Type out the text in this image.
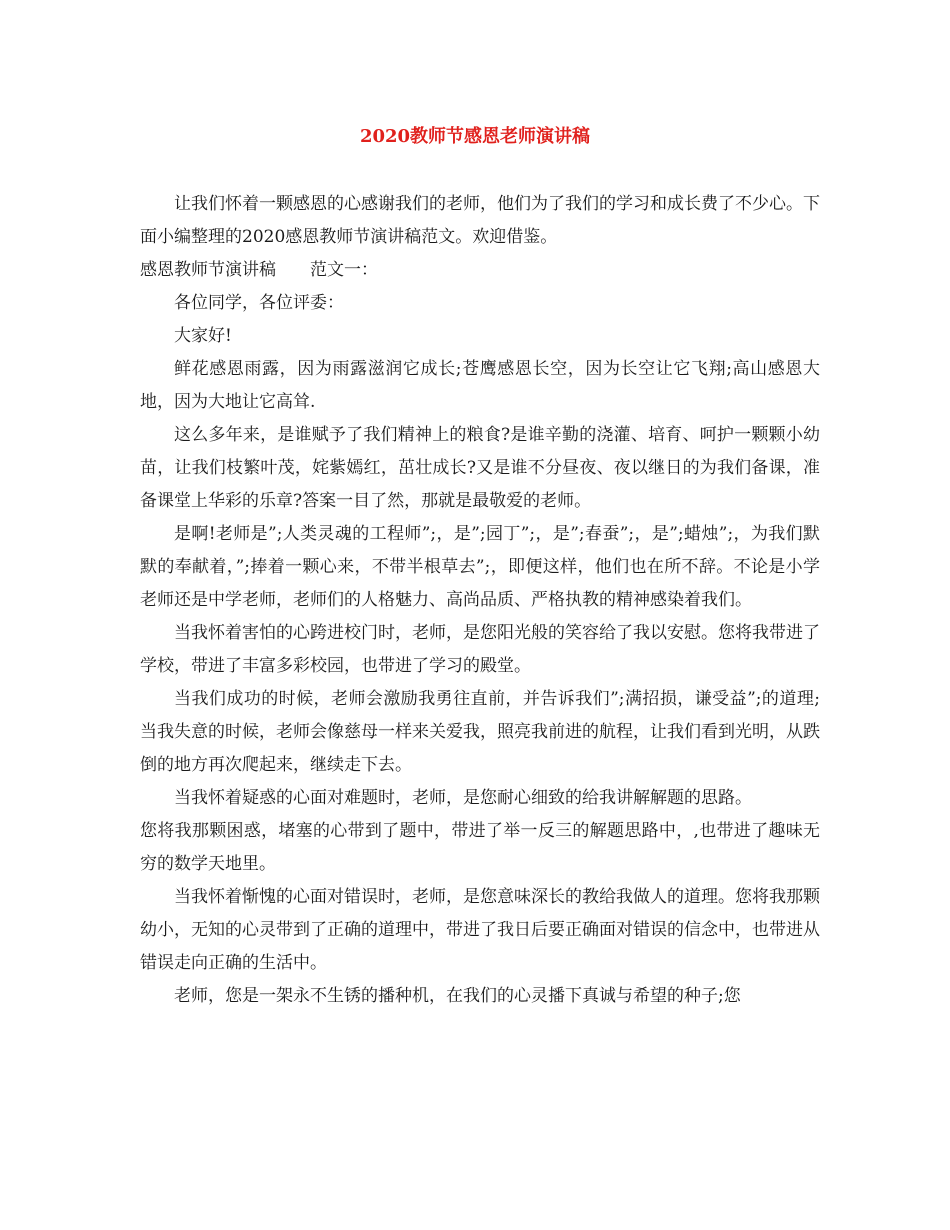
2020教师节感恩老师演讲稿

让我们怀着一颗感恩的心感谢我们的老师，他们为了我们的学习和成长费了不少心。下面小编整理的2020感恩教师节演讲稿范文。欢迎借鉴。

感恩教师节演讲稿　　范文一：

各位同学，各位评委：

大家好!

鲜花感恩雨露，因为雨露滋润它成长;苍鹰感恩长空，因为长空让它飞翔;高山感恩大地，因为大地让它高耸.

这么多年来，是谁赋予了我们精神上的粮食?是谁辛勤的浇灌、培育、呵护一颗颗小幼苗，让我们枝繁叶茂，姹紫嫣红，茁壮成长?又是谁不分昼夜、夜以继日的为我们备课，准备课堂上华彩的乐章?答案一目了然，那就是最敬爱的老师。

是啊!老师是”;人类灵魂的工程师”;，是”;园丁”;，是”;春蚕”;，是”;蜡烛”;，为我们默默的奉献着，”;捧着一颗心来，不带半根草去”;，即便这样，他们也在所不辞。不论是小学老师还是中学老师，老师们的人格魅力、高尚品质、严格执教的精神感染着我们。

当我怀着害怕的心跨进校门时，老师，是您阳光般的笑容给了我以安慰。您将我带进了学校，带进了丰富多彩校园，也带进了学习的殿堂。

当我们成功的时候，老师会激励我勇往直前，并告诉我们”;满招损，谦受益”;的道理;当我失意的时候，老师会像慈母一样来关爱我，照亮我前进的航程，让我们看到光明，从跌倒的地方再次爬起来，继续走下去。

当我怀着疑惑的心面对难题时，老师，是您耐心细致的给我讲解解题的思路。

您将我那颗困惑，堵塞的心带到了题中，带进了举一反三的解题思路中，,也带进了趣味无穷的数学天地里。

当我怀着惭愧的心面对错误时，老师，是您意味深长的教给我做人的道理。您将我那颗幼小，无知的心灵带到了正确的道理中，带进了我日后要正确面对错误的信念中，也带进从错误走向正确的生活中。

老师，您是一架永不生锈的播种机，在我们的心灵播下真诚与希望的种子;您
